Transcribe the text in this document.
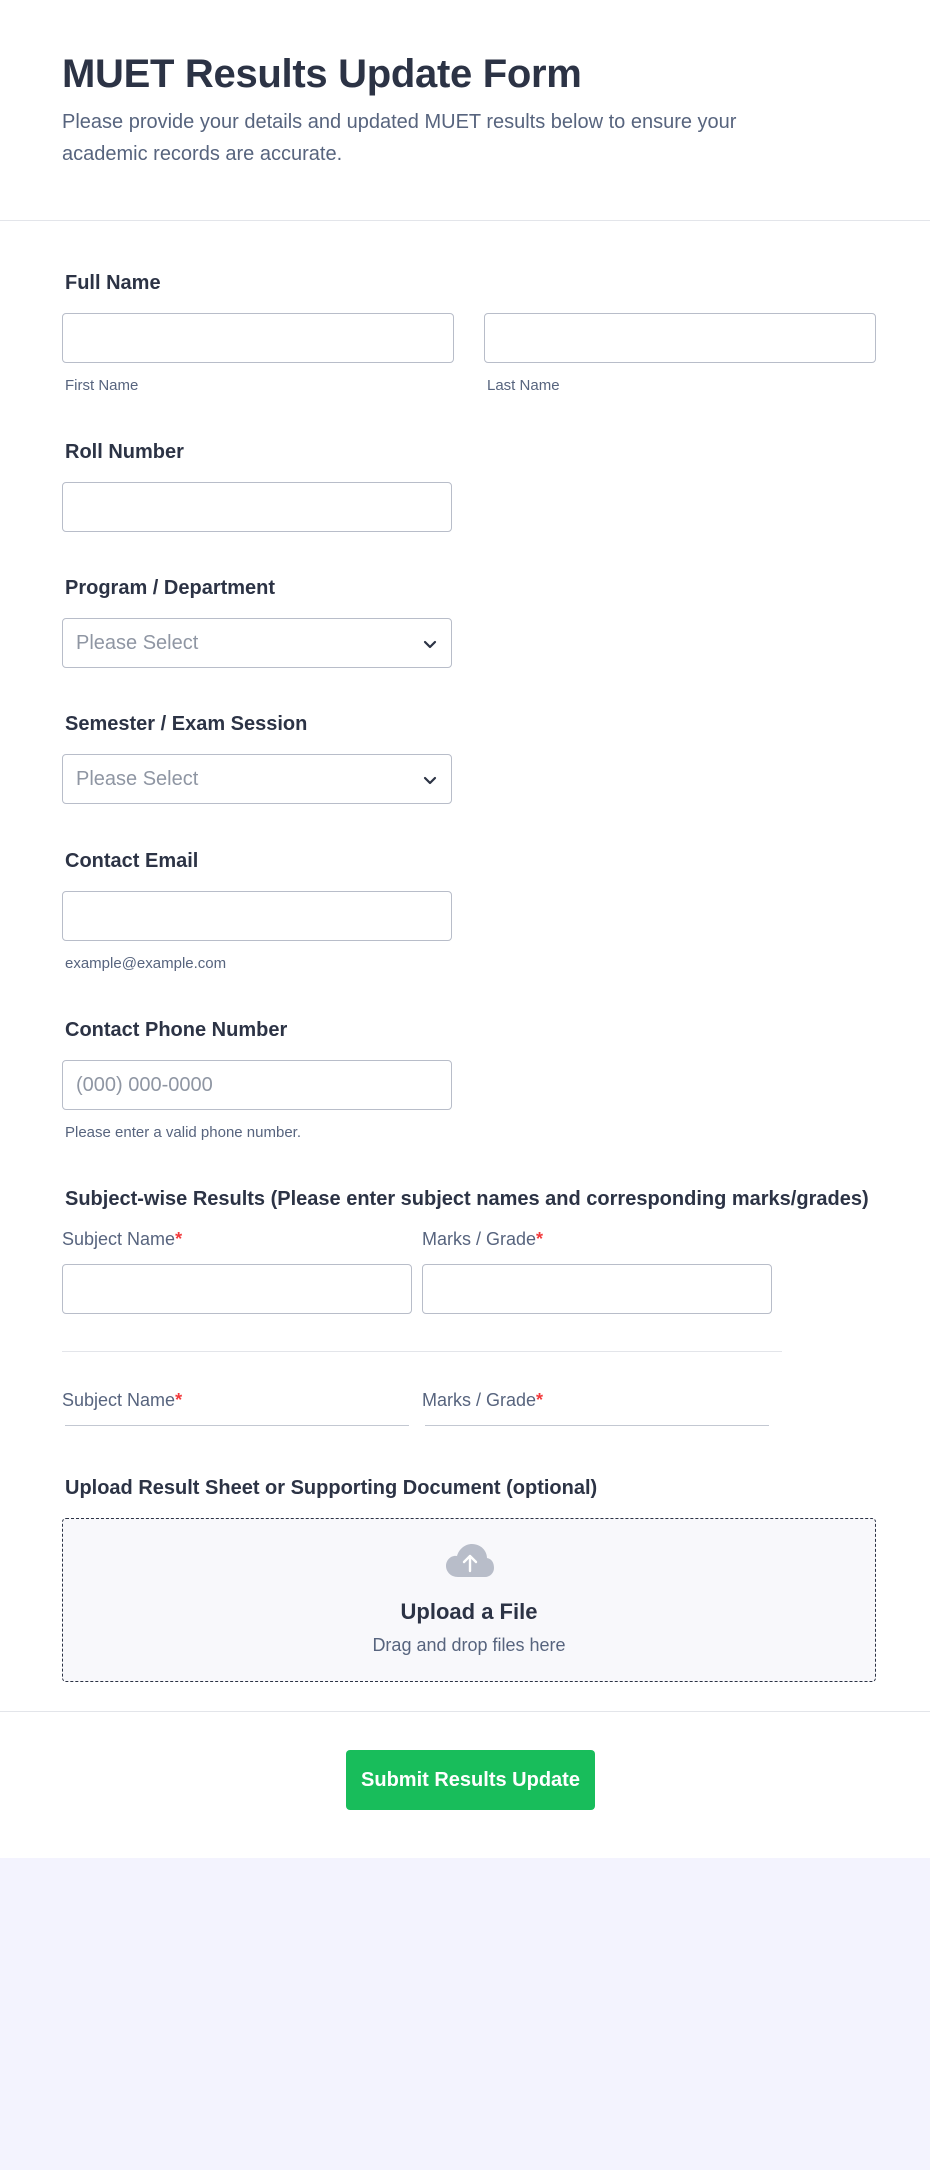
MUET Results Update Form
Please provide your details and updated MUET results below to ensure your academic records are accurate.
Full Name
First Name	Last Name
Roll Number
Program / Department
Please Select
Semester / Exam Session
Please Select
Contact Email
example@example.com
Contact Phone Number
(000) 000-0000
Please enter a valid phone number.
Subject-wise Results (Please enter subject names and corresponding marks/grades)
Subject Name*	Marks / Grade*
Subject Name*	Marks / Grade*
Upload Result Sheet or Supporting Document (optional)
Upload a File
Drag and drop files here
Submit Results Update
